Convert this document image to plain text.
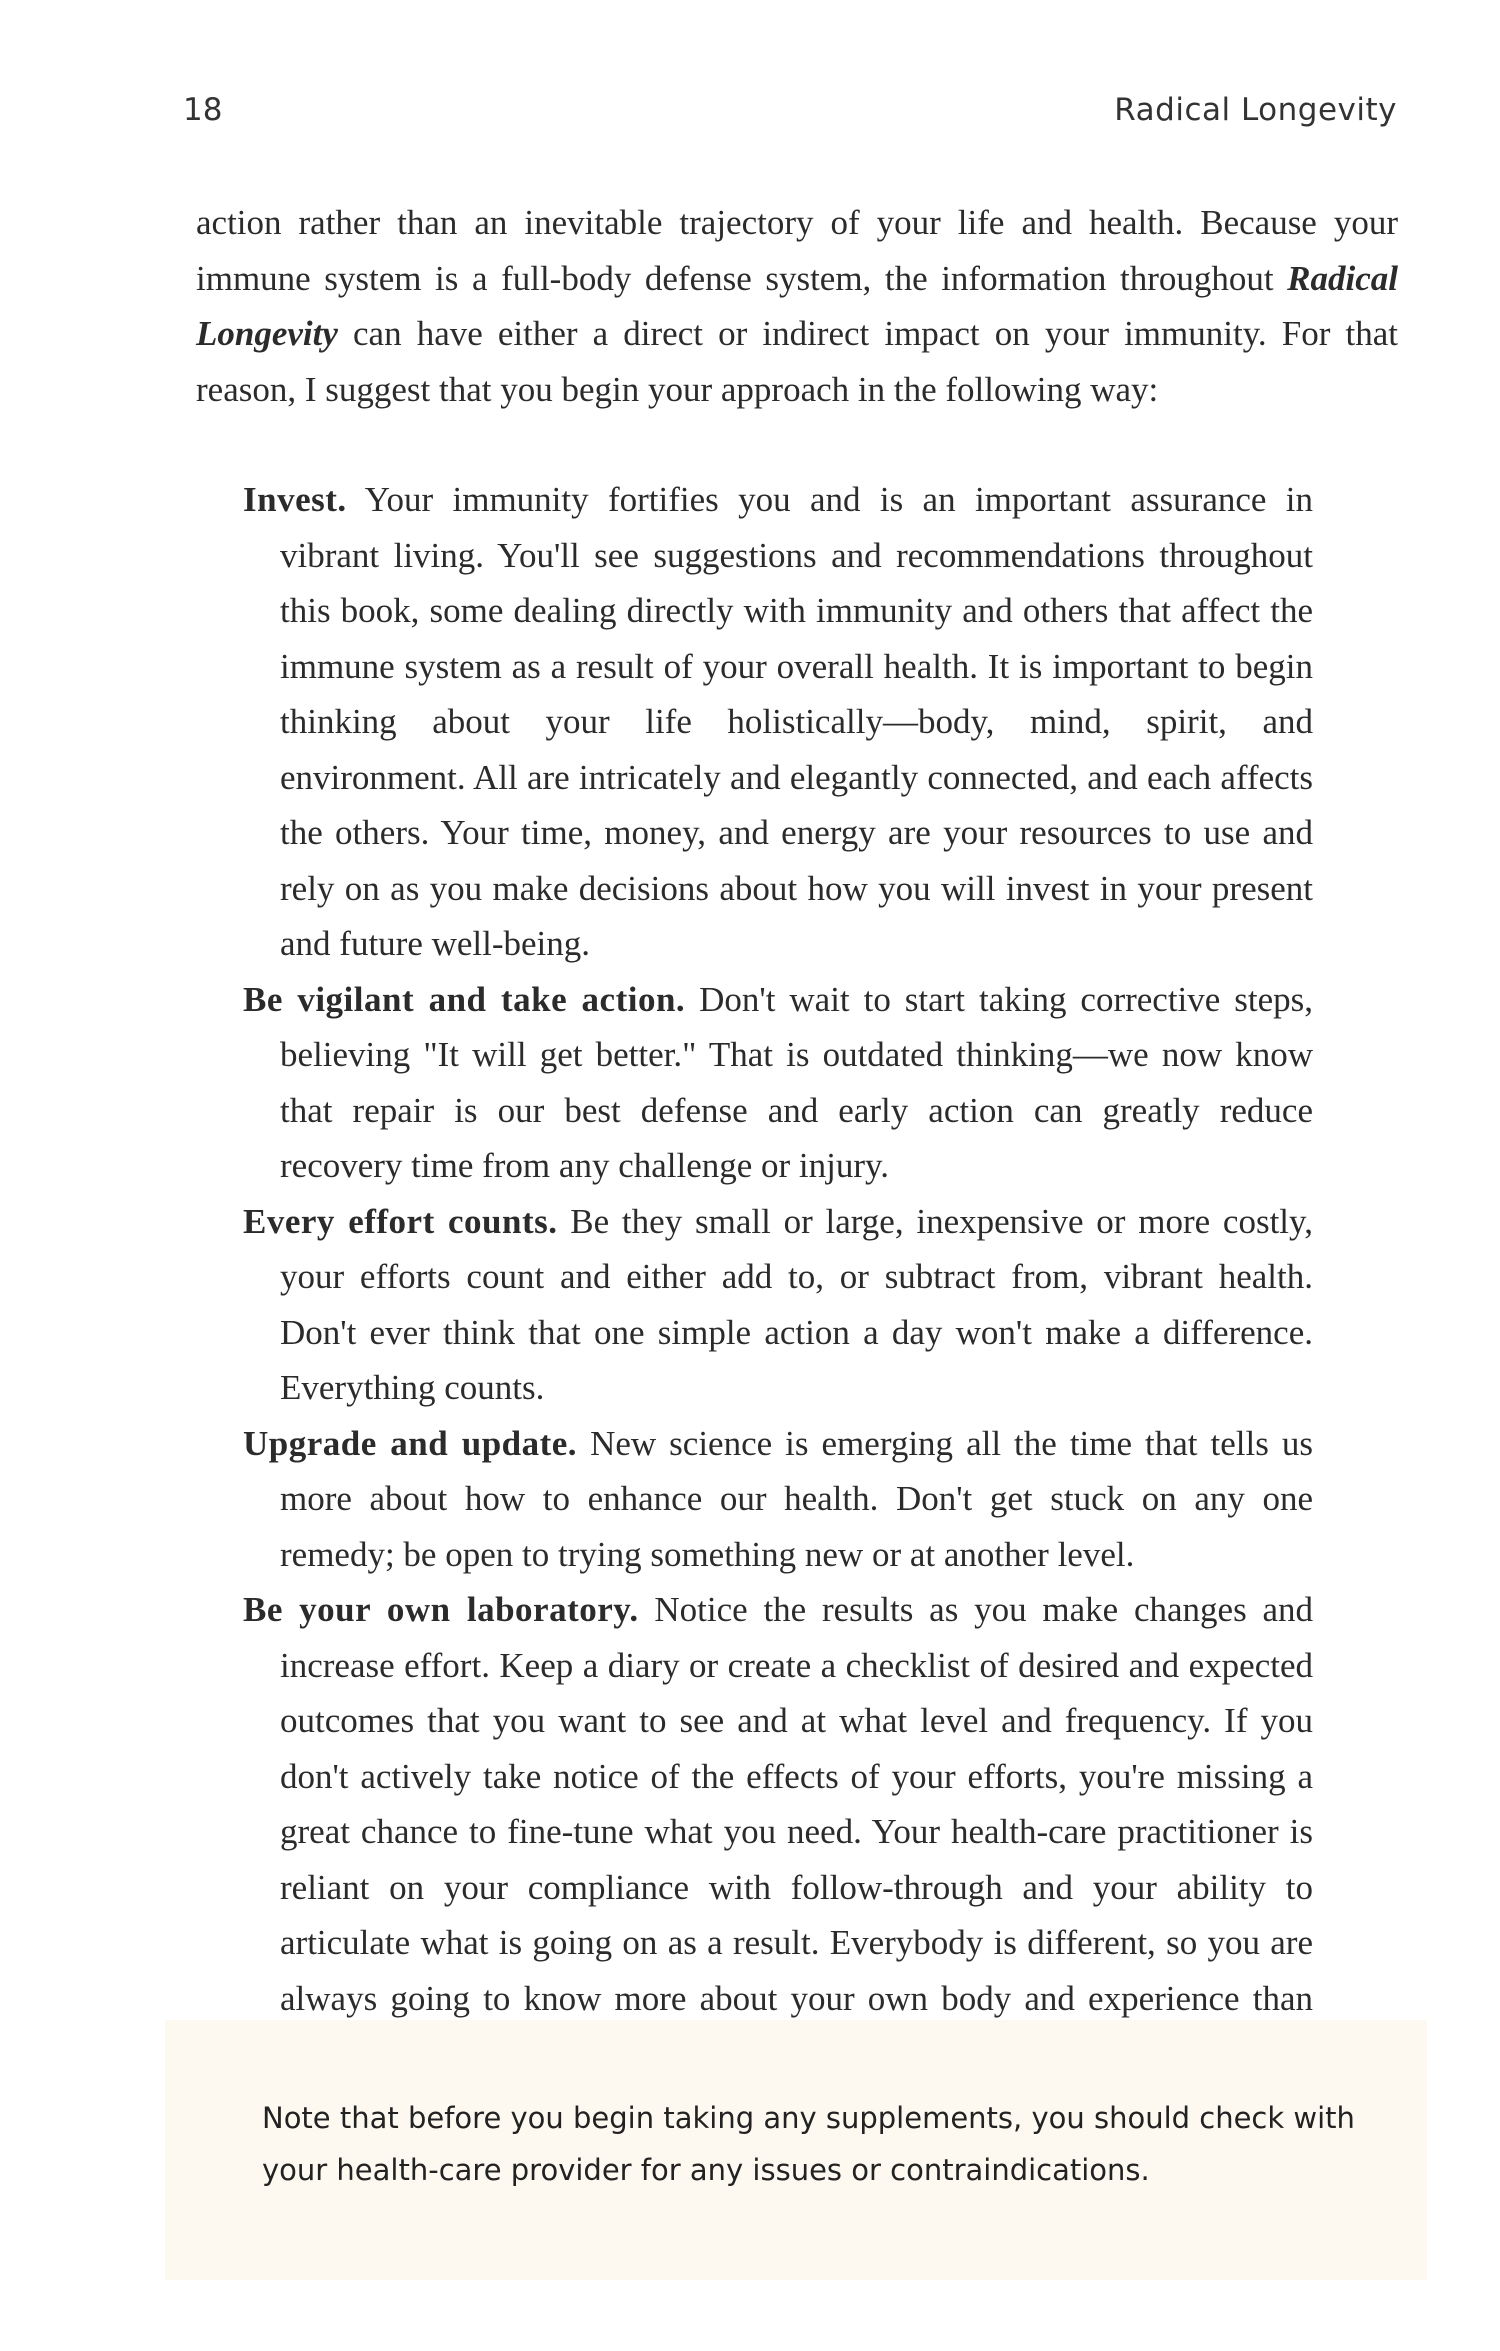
18	Radical Longevity

action rather than an inevitable trajectory of your life and health. Because your immune system is a full-body defense system, the information throughout Radical Longevity can have either a direct or indirect impact on your immunity. For that reason, I suggest that you begin your approach in the following way:

Invest. Your immunity fortifies you and is an important assurance in vibrant living. You'll see suggestions and recommendations throughout this book, some dealing directly with immunity and others that affect the immune system as a result of your overall health. It is important to begin thinking about your life holistically—body, mind, spirit, and environment. All are intricately and elegantly connected, and each affects the others. Your time, money, and energy are your resources to use and rely on as you make decisions about how you will invest in your present and future well-being.
Be vigilant and take action. Don't wait to start taking corrective steps, believing "It will get better." That is outdated thinking—we now know that repair is our best defense and early action can greatly reduce recovery time from any challenge or injury.
Every effort counts. Be they small or large, inexpensive or more costly, your efforts count and either add to, or subtract from, vibrant health. Don't ever think that one simple action a day won't make a difference. Everything counts.
Upgrade and update. New science is emerging all the time that tells us more about how to enhance our health. Don't get stuck on any one remedy; be open to trying something new or at another level.
Be your own laboratory. Notice the results as you make changes and increase effort. Keep a diary or create a checklist of desired and expected outcomes that you want to see and at what level and frequency. If you don't actively take notice of the effects of your efforts, you're missing a great chance to fine-tune what you need. Your health-care practitioner is reliant on your compliance with follow-through and your ability to articulate what is going on as a result. Everybody is different, so you are always going to know more about your own body and experience than

Note that before you begin taking any supplements, you should check with your health-care provider for any issues or contraindications.
